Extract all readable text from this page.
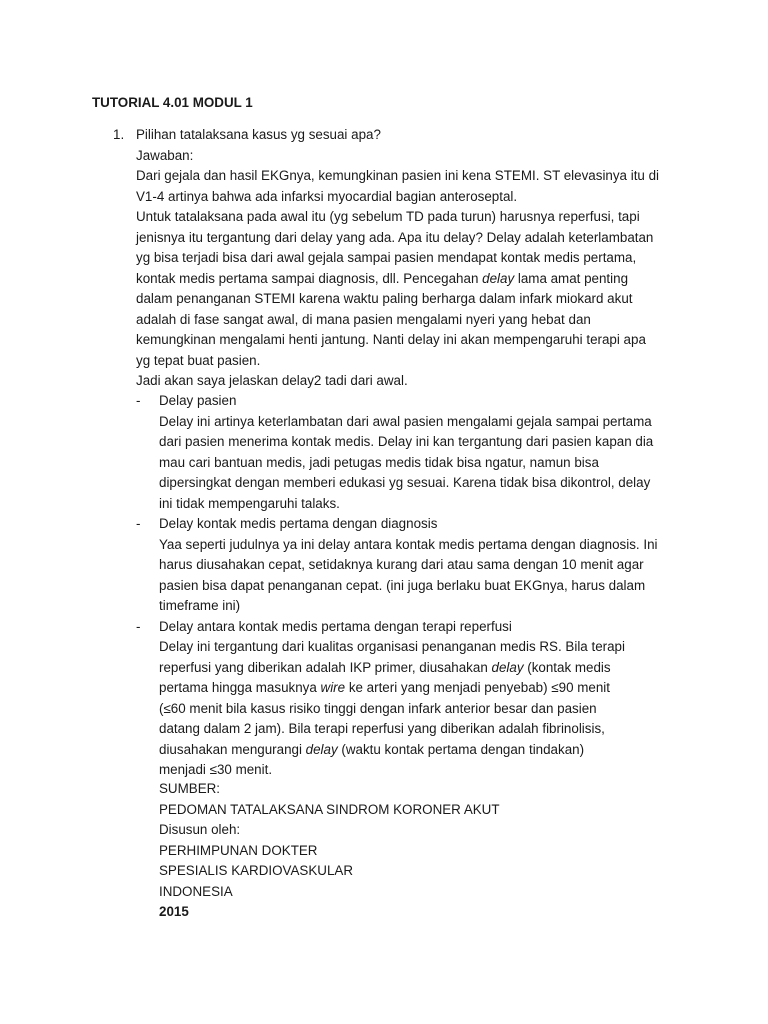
TUTORIAL 4.01 MODUL 1
1. Pilihan tatalaksana kasus yg sesuai apa?
Jawaban:
Dari gejala dan hasil EKGnya, kemungkinan pasien ini kena STEMI. ST elevasinya itu di
V1-4 artinya bahwa ada infarksi myocardial bagian anteroseptal.
Untuk tatalaksana pada awal itu (yg sebelum TD pada turun) harusnya reperfusi, tapi
jenisnya itu tergantung dari delay yang ada. Apa itu delay? Delay adalah keterlambatan
yg bisa terjadi bisa dari awal gejala sampai pasien mendapat kontak medis pertama,
kontak medis pertama sampai diagnosis, dll. Pencegahan delay lama amat penting
dalam penanganan STEMI karena waktu paling berharga dalam infark miokard akut
adalah di fase sangat awal, di mana pasien mengalami nyeri yang hebat dan
kemungkinan mengalami henti jantung. Nanti delay ini akan mempengaruhi terapi apa
yg tepat buat pasien.
Jadi akan saya jelaskan delay2 tadi dari awal.
- Delay pasien
Delay ini artinya keterlambatan dari awal pasien mengalami gejala sampai pertama
dari pasien menerima kontak medis. Delay ini kan tergantung dari pasien kapan dia
mau cari bantuan medis, jadi petugas medis tidak bisa ngatur, namun bisa
dipersingkat dengan memberi edukasi yg sesuai. Karena tidak bisa dikontrol, delay
ini tidak mempengaruhi talaks.
- Delay kontak medis pertama dengan diagnosis
Yaa seperti judulnya ya ini delay antara kontak medis pertama dengan diagnosis. Ini
harus diusahakan cepat, setidaknya kurang dari atau sama dengan 10 menit agar
pasien bisa dapat penanganan cepat. (ini juga berlaku buat EKGnya, harus dalam
timeframe ini)
- Delay antara kontak medis pertama dengan terapi reperfusi
Delay ini tergantung dari kualitas organisasi penanganan medis RS. Bila terapi
reperfusi yang diberikan adalah IKP primer, diusahakan delay (kontak medis
pertama hingga masuknya wire ke arteri yang menjadi penyebab) ≤90 menit
(≤60 menit bila kasus risiko tinggi dengan infark anterior besar dan pasien
datang dalam 2 jam). Bila terapi reperfusi yang diberikan adalah fibrinolisis,
diusahakan mengurangi delay (waktu kontak pertama dengan tindakan)
menjadi ≤30 menit.
SUMBER:
PEDOMAN TATALAKSANA SINDROM KORONER AKUT
Disusun oleh:
PERHIMPUNAN DOKTER
SPESIALIS KARDIOVASKULAR
INDONESIA
2015
